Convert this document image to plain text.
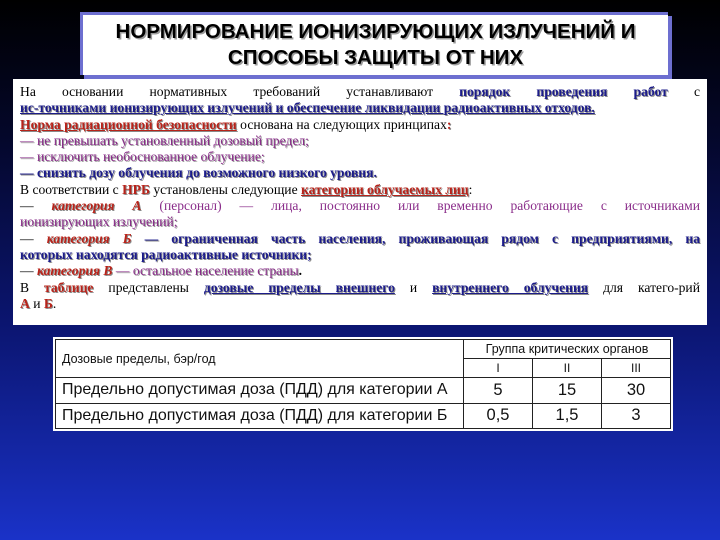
НОРМИРОВАНИЕ ИОНИЗИРУЮЩИХ ИЗЛУЧЕНИЙ И
СПОСОБЫ ЗАЩИТЫ ОТ НИХ
На основании нормативных требований устанавливают порядок проведения работ с
ис-точниками ионизирующих излучений и обеспечение ликвидации радиоактивных отходов.
Норма радиационной безопасности основана на следующих принципах:
— не превышать установленный дозовый предел;
— исключить необоснованное облучение;
— снизить дозу облучения до возможного низкого уровня.
В соответствии с НРБ установлены следующие категории облучаемых лиц:
— категория А (персонал) — лица, постоянно или временно работающие с источниками
ионизирующих излучений;
— категория Б — ограниченная часть населения, проживающая рядом с предприятиями, на
которых находятся радиоактивные источники;
— категория В — остальное население страны.
В таблице представлены дозовые пределы внешнего и внутреннего облучения для катего-рий
А и Б.
Дозовые пределы, бэр/год	Группа критических органов		
	I	II	III
Предельно допустимая доза (ПДД) для категории А	5	15	30
Предельно допустимая доза (ПДД) для категории Б	0,5	1,5	3
